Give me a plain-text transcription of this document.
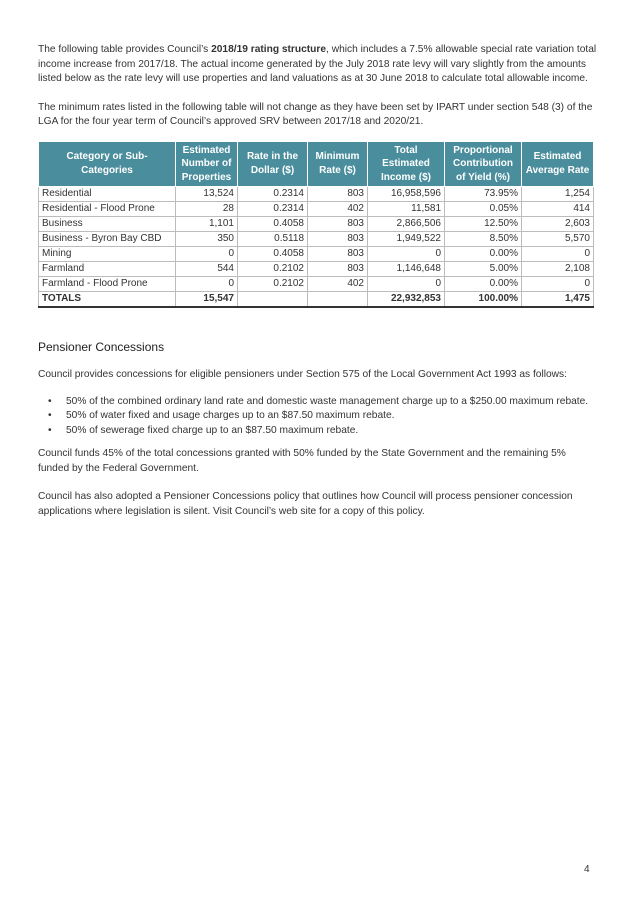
The following table provides Council’s 2018/19 rating structure, which includes a 7.5% allowable special rate variation total income increase from 2017/18. The actual income generated by the July 2018 rate levy will vary slightly from the amounts listed below as the rate levy will use properties and land valuations as at 30 June 2018 to calculate total allowable income.

The minimum rates listed in the following table will not change as they have been set by IPART under section 548 (3) of the LGA for the four year term of Council’s approved SRV between 2017/18 and 2020/21.

Category or Sub-Categories	Estimated Number of Properties	Rate in the Dollar ($)	Minimum Rate ($)	Total Estimated Income ($)	Proportional Contribution of Yield (%)	Estimated Average Rate
Residential	13,524	0.2314	803	16,958,596	73.95%	1,254
Residential - Flood Prone	28	0.2314	402	11,581	0.05%	414
Business	1,101	0.4058	803	2,866,506	12.50%	2,603
Business - Byron Bay CBD	350	0.5118	803	1,949,522	8.50%	5,570
Mining	0	0.4058	803	0	0.00%	0
Farmland	544	0.2102	803	1,146,648	5.00%	2,108
Farmland - Flood Prone	0	0.2102	402	0	0.00%	0
TOTALS	15,547			22,932,853	100.00%	1,475
Pensioner Concessions

Council provides concessions for eligible pensioners under Section 575 of the Local Government Act 1993 as follows:

• 50% of the combined ordinary land rate and domestic waste management charge up to a $250.00 maximum rebate.
• 50% of water fixed and usage charges up to an $87.50 maximum rebate.
• 50% of sewerage fixed charge up to an $87.50 maximum rebate.

Council funds 45% of the total concessions granted with 50% funded by the State Government and the remaining 5% funded by the Federal Government.

Council has also adopted a Pensioner Concessions policy that outlines how Council will process pensioner concession applications where legislation is silent. Visit Council’s web site for a copy of this policy.

4
